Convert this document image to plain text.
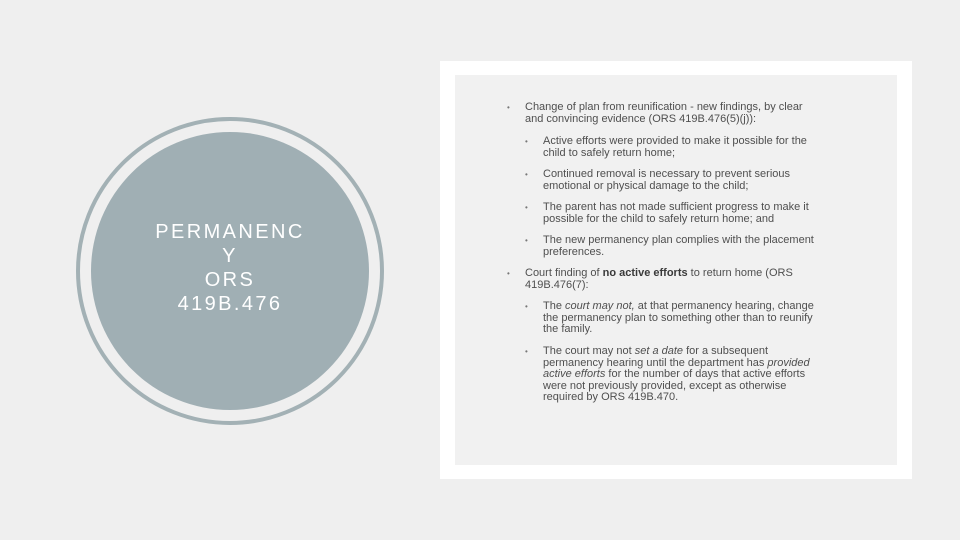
PERMANENC
Y
ORS
419B.476
•	Change of plan from reunification - new findings, by clear and convincing evidence (ORS 419B.476(5)(j)):
•	Active efforts were provided to make it possible for the child to safely return home;
•	Continued removal is necessary to prevent serious emotional or physical damage to the child;
•	The parent has not made sufficient progress to make it possible for the child to safely return home; and
•	The new permanency plan complies with the placement preferences.
•	Court finding of no active efforts to return home (ORS 419B.476(7):
•	The court may not, at that permanency hearing, change the permanency plan to something other than to reunify the family.
•	The court may not set a date for a subsequent permanency hearing until the department has provided active efforts for the number of days that active efforts were not previously provided, except as otherwise required by ORS 419B.470.
